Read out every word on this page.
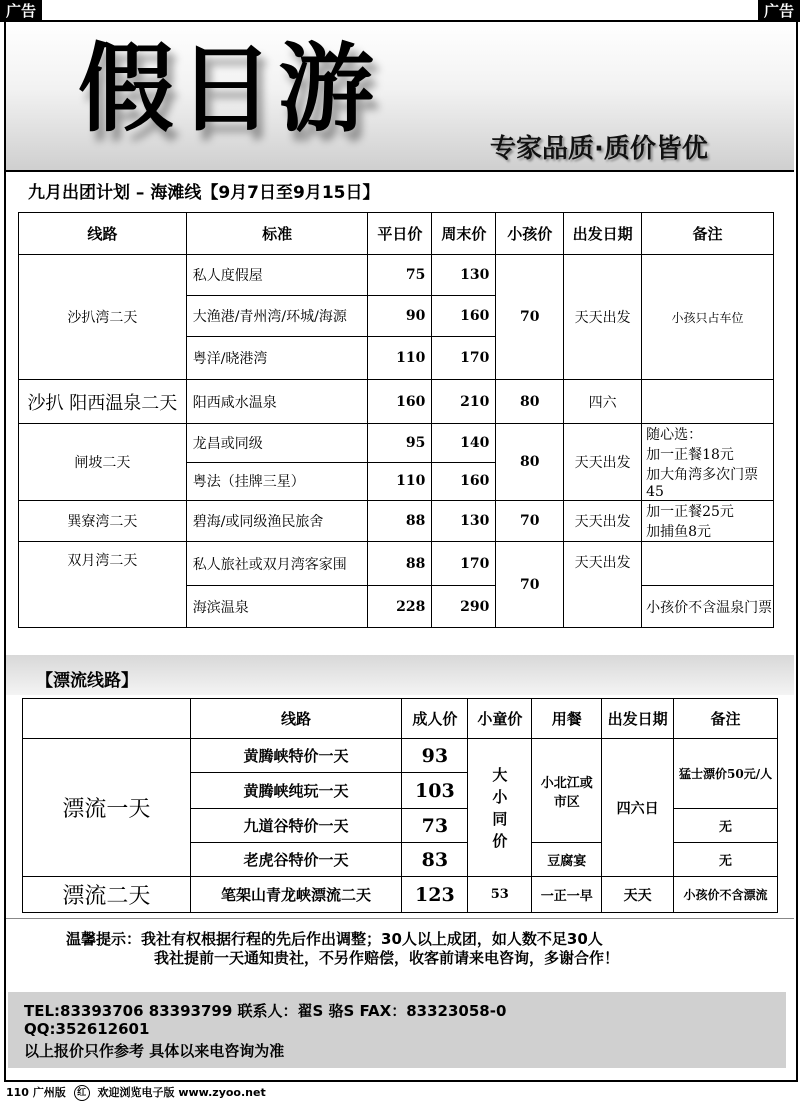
广告	广告
假日游
专家品质·质价皆优
九月出团计划 – 海滩线【9月7日至9月15日】
线路	标准	平日价	周末价	小孩价	出发日期	备注
沙扒湾二天	私人度假屋	75	130	70	天天出发	小孩只占车位
	大渔港/青州湾/环城/海源	90	160			
	粤洋/晓港湾	110	170			
沙扒 阳西温泉二天	阳西咸水温泉	160	210	80	四六	
闸坡二天	龙昌或同级	95	140	80	天天出发	随心选：
加一正餐18元
加大角湾多次门票45

	粤法（挂牌三星）	110	160			
巽寮湾二天	碧海/或同级渔民旅舍	88	130	70	天天出发	加一正餐25元
加捕鱼8元

双月湾二天	私人旅社或双月湾客家围	88	170	70	天天出发	
	海滨温泉	228	290			小孩价不含温泉门票
【漂流线路】
	线路	成人价	小童价	用餐	出发日期	备注
漂流一天	黄腾峡特价一天	93	大小同价	小北江或市区	四六日	猛士漂价50元/人
	黄腾峡纯玩一天	103				
	九道谷特价一天	73				无
	老虎谷特价一天	83		豆腐宴		无
漂流二天	笔架山青龙峡漂流二天	123	53	一正一早	天天	小孩价不含漂流
温馨提示：我社有权根据行程的先后作出调整；30人以上成团，如人数不足30人
我社提前一天通知贵社，不另作赔偿，收客前请来电咨询，多谢合作！
TEL:83393706 83393799 联系人：翟S 骆S FAX：83323058-0
QQ:352612601
以上报价只作参考 具体以来电咨询为准
110 广州版 红 欢迎浏览电子版 www.zyoo.net
